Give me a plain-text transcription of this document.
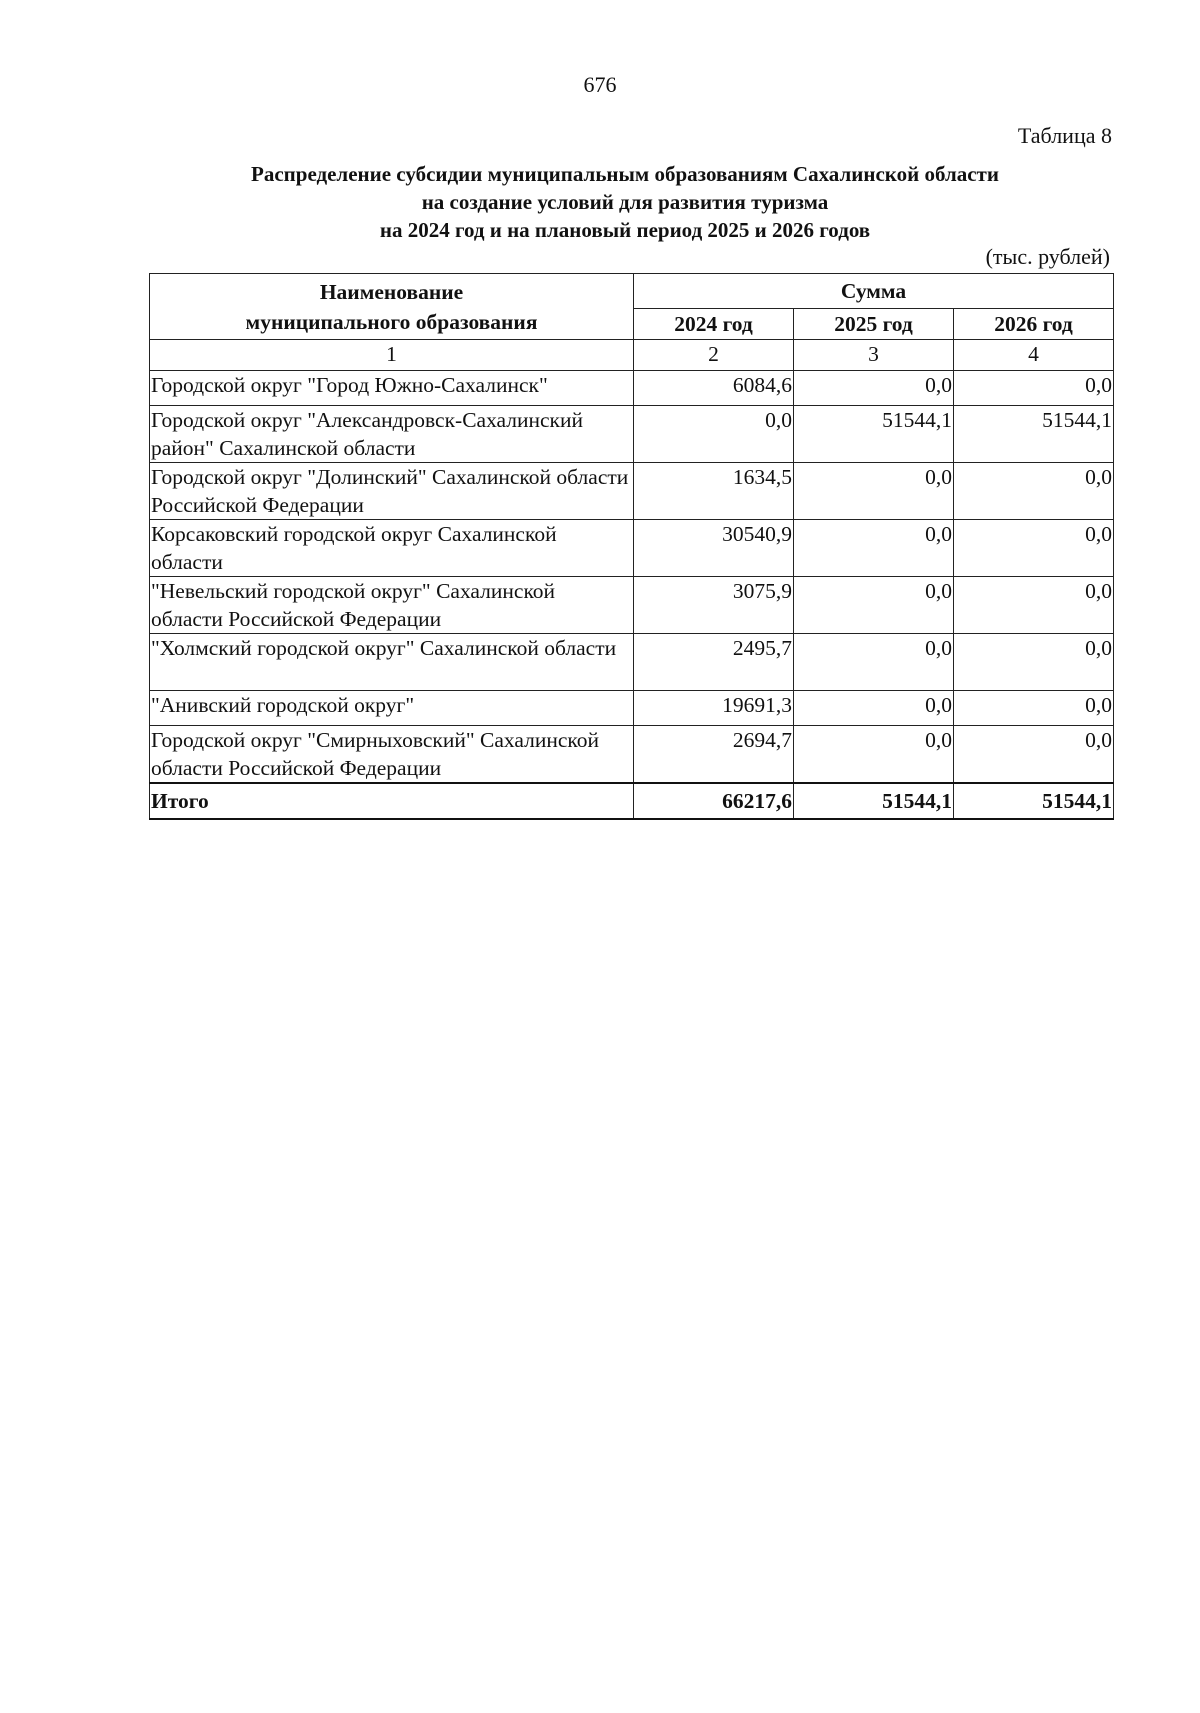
676
Таблица 8
Распределение субсидии муниципальным образованиям Сахалинской области
на создание условий для развития туризма
на 2024 год и на плановый период 2025 и 2026 годов
(тыс. рублей)
Наименование
муниципального образования	Сумма		
	2024 год	2025 год	2026 год
1	2	3	4
Городской округ "Город Южно-Сахалинск"	6084,6	0,0	0,0
Городской округ "Александровск-Сахалинский район" Сахалинской области	0,0	51544,1	51544,1
Городской округ "Долинский" Сахалинской области Российской Федерации	1634,5	0,0	0,0
Корсаковский городской округ Сахалинской области	30540,9	0,0	0,0
"Невельский городской округ" Сахалинской области Российской Федерации	3075,9	0,0	0,0
"Холмский городской округ" Сахалинской области	2495,7	0,0	0,0
"Анивский городской округ"	19691,3	0,0	0,0
Городской округ "Смирныховский" Сахалинской области Российской Федерации	2694,7	0,0	0,0
Итого	66217,6	51544,1	51544,1
